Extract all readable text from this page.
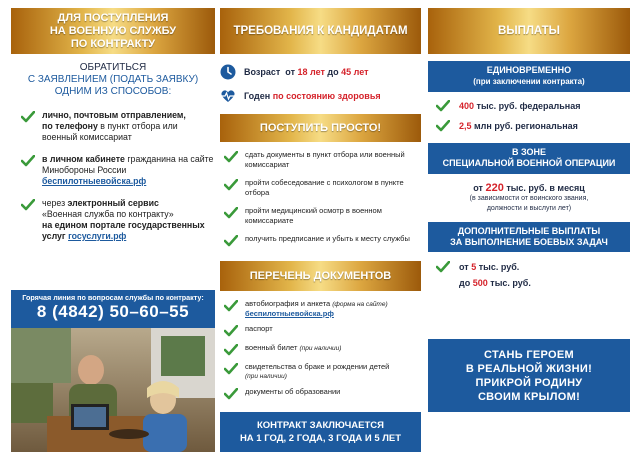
ДЛЯ ПОСТУПЛЕНИЯ
НА ВОЕННУЮ СЛУЖБУ
ПО КОНТРАКТУ
ОБРАТИТЬСЯ
С ЗАЯВЛЕНИЕМ (ПОДАТЬ ЗАЯВКУ)
ОДНИМ ИЗ СПОСОБОВ:
лично, почтовым отправлением,
по телефону в пункт отбора или военный комиссариат
в личном кабинете гражданина на сайте Минобороны России
беспилотныевойска.рф
через электронный сервис
«Военная служба по контракту»
на едином портале государственных услуг госуслуги.рф
Горячая линия по вопросам службы по контракту:
8 (4842) 50–60–55
ТРЕБОВАНИЯ К КАНДИДАТАМ
Возраст от 18 лет до 45 лет
Годен по состоянию здоровья
ПОСТУПИТЬ ПРОСТО!
сдать документы в пункт отбора или военный комиссариат
пройти собеседование с психологом в пункте отбора
пройти медицинский осмотр в военном комиссариате
получить предписание и убыть к месту службы
ПЕРЕЧЕНЬ ДОКУМЕНТОВ
автобиография и анкета (форма на сайте)
беспилотныевойска.рф
паспорт
военный билет (при наличии)
свидетельства о браке и рождении детей
(при наличии)
документы об образовании
КОНТРАКТ ЗАКЛЮЧАЕТСЯ
НА 1 ГОД, 2 ГОДА, 3 ГОДА И 5 ЛЕТ
ВЫПЛАТЫ
ЕДИНОВРЕМЕННО
(при заключении контракта)
400 тыс. руб. федеральная
2,5 млн руб. региональная
В ЗОНЕ
СПЕЦИАЛЬНОЙ ВОЕННОЙ ОПЕРАЦИИ
от 220 тыс. руб. в месяц
(в зависимости от воинского звания,
должности и выслуги лет)
ДОПОЛНИТЕЛЬНЫЕ ВЫПЛАТЫ
ЗА ВЫПОЛНЕНИЕ БОЕВЫХ ЗАДАЧ
от 5 тыс. руб.
до 500 тыс. руб.
СТАНЬ ГЕРОЕМ
В РЕАЛЬНОЙ ЖИЗНИ!
ПРИКРОЙ РОДИНУ
СВОИМ КРЫЛОМ!
